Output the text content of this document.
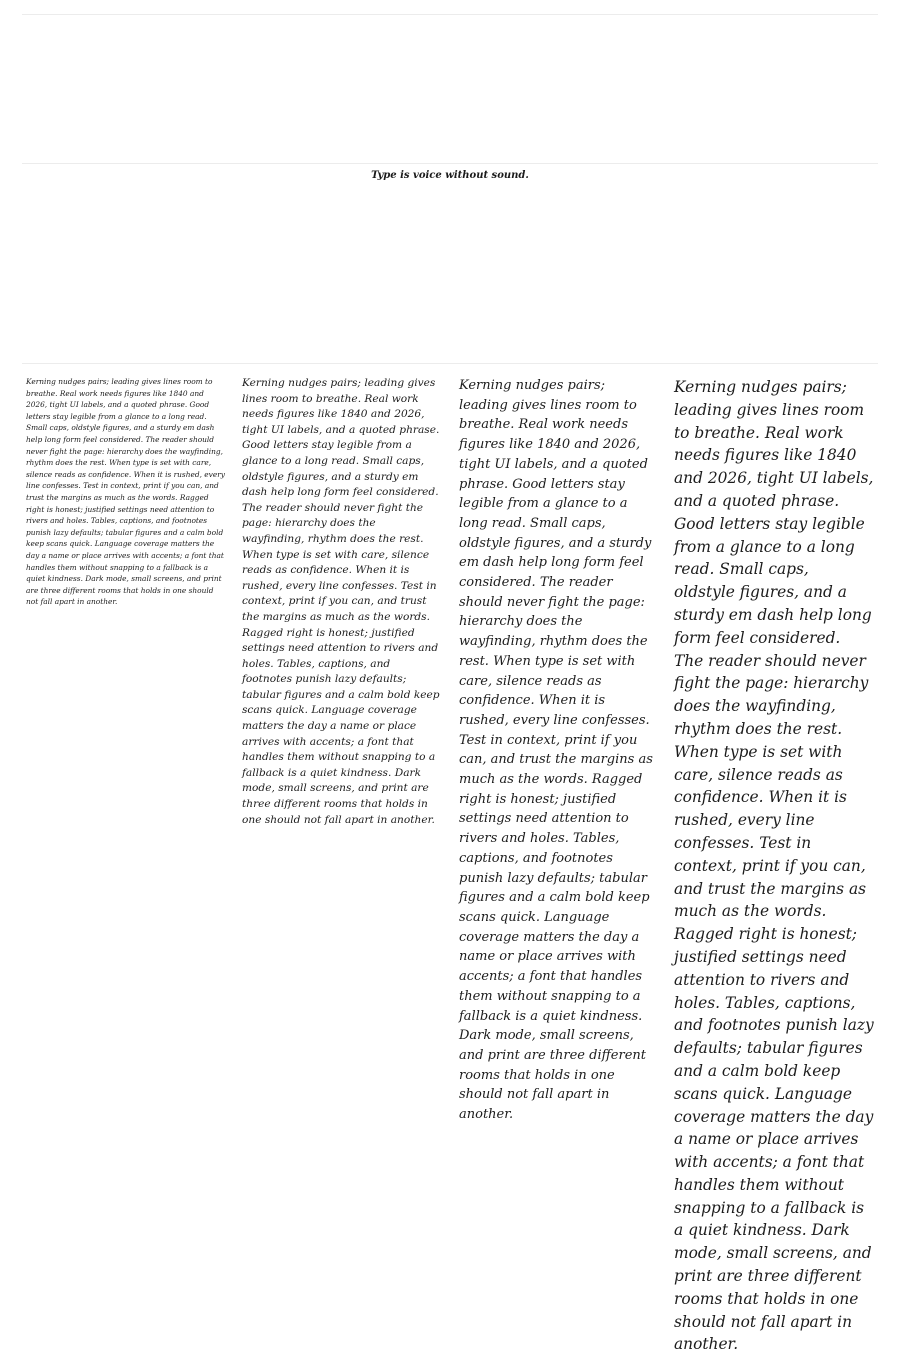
Type is voice without sound.
Kerning nudges pairs; leading gives lines room to breathe. Real work needs figures like 1840 and 2026, tight UI labels, and a quoted phrase. Good letters stay legible from a glance to a long read. Small caps, oldstyle figures, and a sturdy em dash help long form feel considered. The reader should never fight the page: hierarchy does the wayfinding, rhythm does the rest. When type is set with care, silence reads as confidence. When it is rushed, every line confesses. Test in context, print if you can, and trust the margins as much as the words. Ragged right is honest; justified settings need attention to rivers and holes. Tables, captions, and footnotes punish lazy defaults; tabular figures and a calm bold keep scans quick. Language coverage matters the day a name or place arrives with accents; a font that handles them without snapping to a fallback is a quiet kindness. Dark mode, small screens, and print are three different rooms that holds in one should not fall apart in another.
Kerning nudges pairs; leading gives lines room to breathe. Real work needs figures like 1840 and 2026, tight UI labels, and a quoted phrase. Good letters stay legible from a glance to a long read. Small caps, oldstyle figures, and a sturdy em dash help long form feel considered. The reader should never fight the page: hierarchy does the wayfinding, rhythm does the rest. When type is set with care, silence reads as confidence. When it is rushed, every line confesses. Test in context, print if you can, and trust the margins as much as the words. Ragged right is honest; justified settings need attention to rivers and holes. Tables, captions, and footnotes punish lazy defaults; tabular figures and a calm bold keep scans quick. Language coverage matters the day a name or place arrives with accents; a font that handles them without snapping to a fallback is a quiet kindness. Dark mode, small screens, and print are three different rooms that holds in one should not fall apart in another.
Kerning nudges pairs; leading gives lines room to breathe. Real work needs figures like 1840 and 2026, tight UI labels, and a quoted phrase. Good letters stay legible from a glance to a long read. Small caps, oldstyle figures, and a sturdy em dash help long form feel considered. The reader should never fight the page: hierarchy does the wayfinding, rhythm does the rest. When type is set with care, silence reads as confidence. When it is rushed, every line confesses. Test in context, print if you can, and trust the margins as much as the words. Ragged right is honest; justified settings need attention to rivers and holes. Tables, captions, and footnotes punish lazy defaults; tabular figures and a calm bold keep scans quick. Language coverage matters the day a name or place arrives with accents; a font that handles them without snapping to a fallback is a quiet kindness. Dark mode, small screens, and print are three different rooms that holds in one should not fall apart in another.
Kerning nudges pairs; leading gives lines room to breathe. Real work needs figures like 1840 and 2026, tight UI labels, and a quoted phrase. Good letters stay legible from a glance to a long read. Small caps, oldstyle figures, and a sturdy em dash help long form feel considered. The reader should never fight the page: hierarchy does the wayfinding, rhythm does the rest. When type is set with care, silence reads as confidence. When it is rushed, every line confesses. Test in context, print if you can, and trust the margins as much as the words. Ragged right is honest; justified settings need attention to rivers and holes. Tables, captions, and footnotes punish lazy defaults; tabular figures and a calm bold keep scans quick. Language coverage matters the day a name or place arrives with accents; a font that handles them without snapping to a fallback is a quiet kindness. Dark mode, small screens, and print are three different rooms that holds in one should not fall apart in another.
